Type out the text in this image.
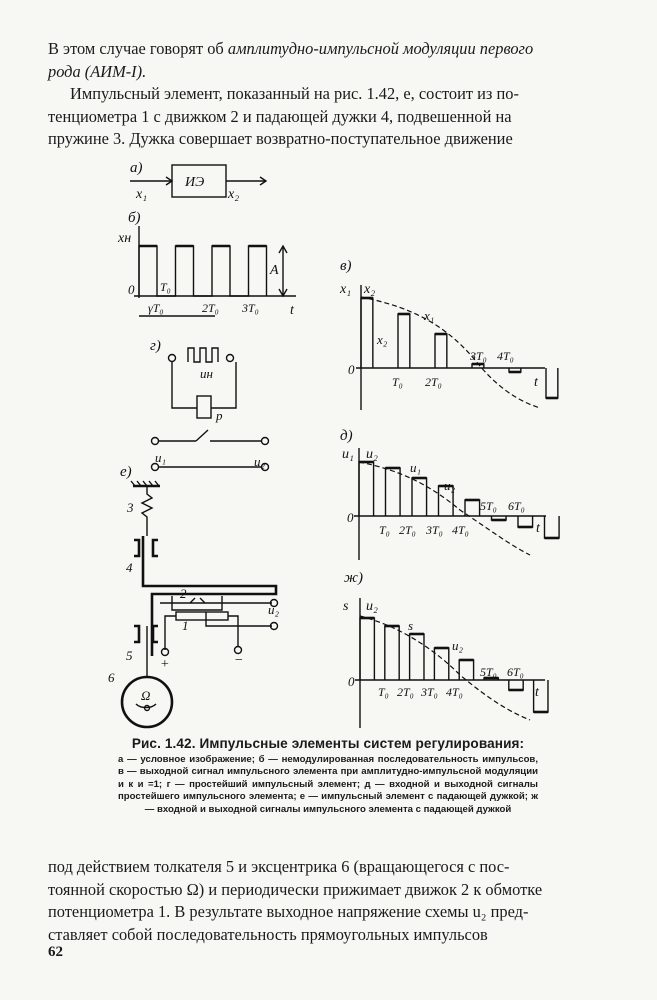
В этом случае говорят об амплитудно-импульсной модуляции первого
рода (АИМ-I).
Импульсный элемент, показанный на рис. 1.42, е, состоит из по-
тенциометра 1 с движком 2 и падающей дужки 4, подвешенной на
пружине 3. Дужка совершает возвратно-поступательное движение
а)
ИЭ
x₁	x₂
б)
xн
A
0 T₀
γT₀	2T₀ 3T₀ t
в)
x₁ x₂
0
x₁
x₂
T₀ 2T₀
3T₀ 4T₀
t
г)
uн
р
u₁	u₂
е)
3
4
2
1
u₂
+	−
5
6
Ω
д)
u₁ u₂
0
u₁
u₂
T₀ 2T₀ 3T₀ 4T₀
5T₀ 6T₀
t
ж)
s u₂
0
s
u₂
T₀ 2T₀ 3T₀ 4T₀
5T₀ 6T₀
t
Рис. 1.42. Импульсные элементы систем регулирования:
а — условное изображение; б — немодулированная последовательность импульсов, в — выходной сигнал импульсного элемента при амплитудно-импульсной модуляции и к и =1; г — простейший импульсный элемент; д — входной и выходной сигналы простейшего импульсного элемента; е — импульсный элемент с падающей дужкой; ж — входной и выходной сигналы импульсного элемента с падающей дужкой
под действием толкателя 5 и эксцентрика 6 (вращающегося с пос-
тоянной скоростью Ω) и периодически прижимает движок 2 к обмотке
потенциометра 1. В результате выходное напряжение схемы u₂ пред-
ставляет собой последовательность прямоугольных импульсов
62
